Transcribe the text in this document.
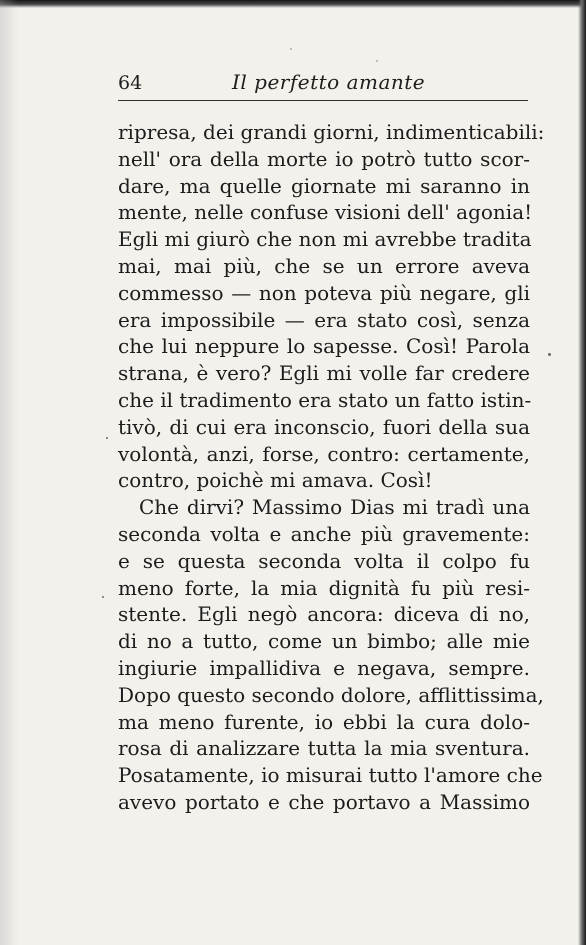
64	Il perfetto amante
ripresa, dei grandi giorni, indimenticabili:
nell' ora della morte io potrò tutto scor-
dare, ma quelle giornate mi saranno in
mente, nelle confuse visioni dell' agonia!
Egli mi giurò che non mi avrebbe tradita
mai, mai più, che se un errore aveva
commesso — non poteva più negare, gli
era impossibile — era stato così, senza
che lui neppure lo sapesse. Così! Parola
strana, è vero? Egli mi volle far credere
che il tradimento era stato un fatto istin-
tivò, di cui era inconscio, fuori della sua
volontà, anzi, forse, contro: certamente,
contro, poichè mi amava. Così!
Che dirvi? Massimo Dias mi tradì una
seconda volta e anche più gravemente:
e se questa seconda volta il colpo fu
meno forte, la mia dignità fu più resi-
stente. Egli negò ancora: diceva di no,
di no a tutto, come un bimbo; alle mie
ingiurie impallidiva e negava, sempre.
Dopo questo secondo dolore, afflittissima,
ma meno furente, io ebbi la cura dolo-
rosa di analizzare tutta la mia sventura.
Posatamente, io misurai tutto l'amore che
avevo portato e che portavo a Massimo
